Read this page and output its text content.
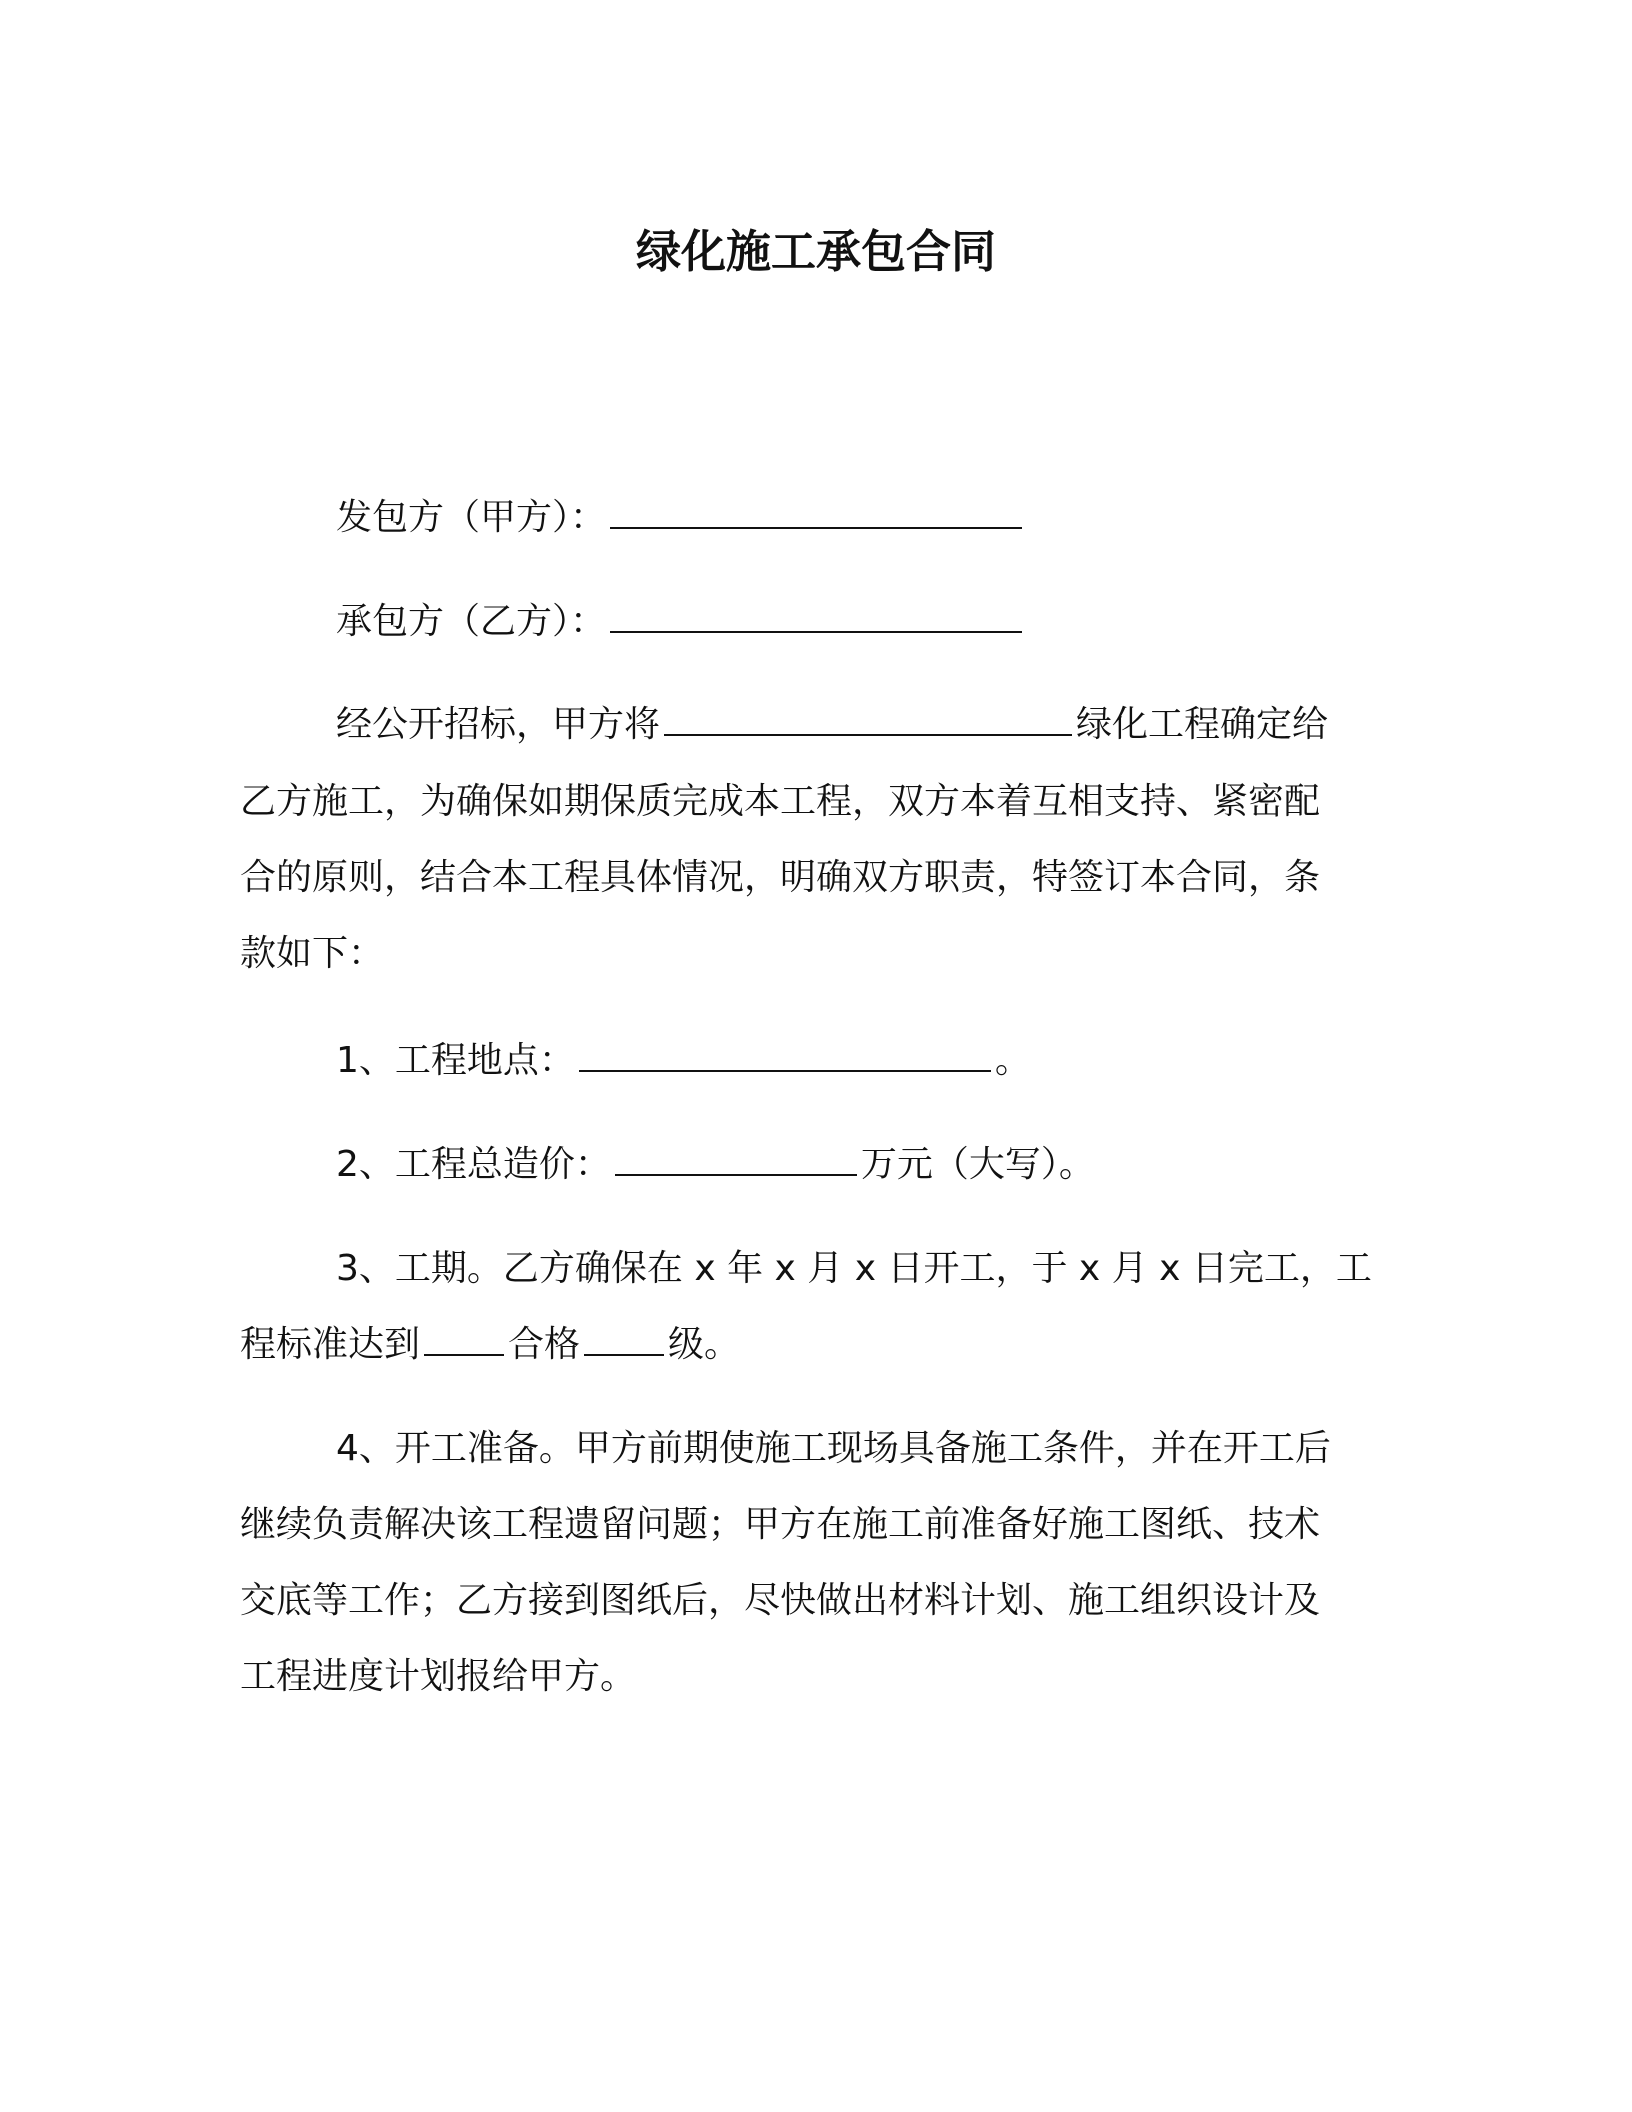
绿化施工承包合同
发包方（甲方）：
承包方（乙方）：
经公开招标，甲方将	绿化工程确定给
乙方施工，为确保如期保质完成本工程，双方本着互相支持、紧密配
合的原则，结合本工程具体情况，明确双方职责，特签订本合同，条
款如下：
1、工程地点：	。
2、工程总造价：	万元（大写）。
3、工期。乙方确保在 x 年 x 月 x 日开工，于 x 月 x 日完工，工
程标准达到 合格 级。
4、开工准备。甲方前期使施工现场具备施工条件，并在开工后
继续负责解决该工程遗留问题；甲方在施工前准备好施工图纸、技术
交底等工作；乙方接到图纸后，尽快做出材料计划、施工组织设计及
工程进度计划报给甲方。
